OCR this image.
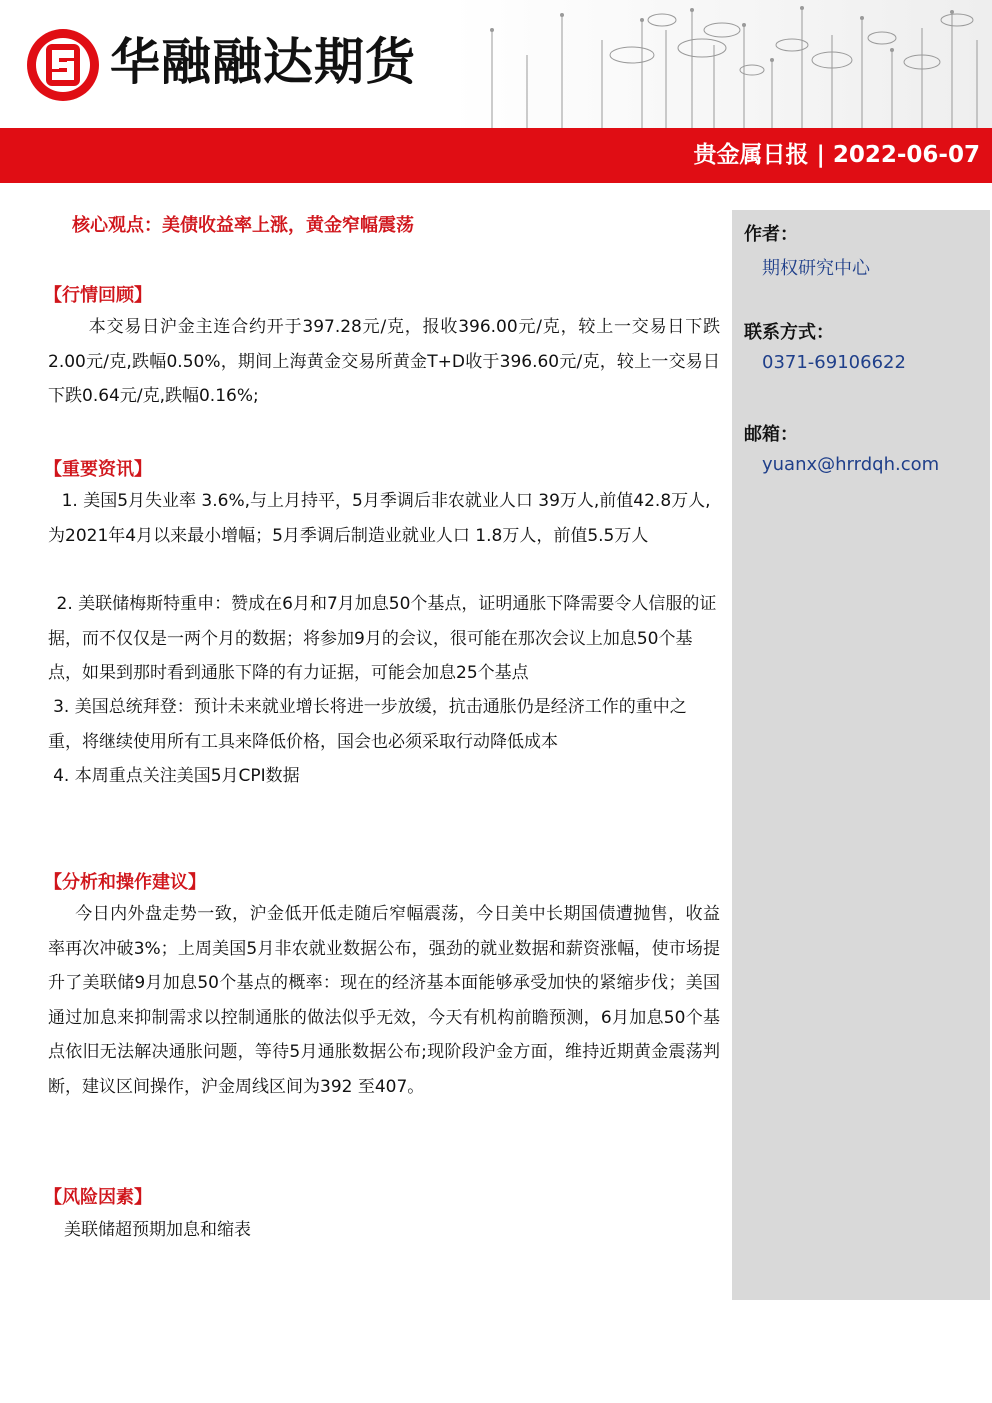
华融融达期货
贵金属日报 | 2022-06-07
作者：
期权研究中心
联系方式：
0371-69106622
邮箱：
yuanx@hrrdqh.com
核心观点：美债收益率上涨，黄金窄幅震荡
【行情回顾】
本交易日沪金主连合约开于397.28元/克，报收396.00元/克，较上一交易日下跌2.00元/克,跌幅0.50%，期间上海黄金交易所黄金T+D收于396.60元/克，较上一交易日下跌0.64元/克,跌幅0.16%;
【重要资讯】
1. 美国5月失业率 3.6%,与上月持平，5月季调后非农就业人口 39万人,前值42.8万人,为2021年4月以来最小增幅；5月季调后制造业就业人口 1.8万人，前值5.5万人
2. 美联储梅斯特重申：赞成在6月和7月加息50个基点，证明通胀下降需要令人信服的证据，而不仅仅是一两个月的数据；将参加9月的会议，很可能在那次会议上加息50个基点，如果到那时看到通胀下降的有力证据，可能会加息25个基点
3. 美国总统拜登：预计未来就业增长将进一步放缓，抗击通胀仍是经济工作的重中之重，将继续使用所有工具来降低价格，国会也必须采取行动降低成本
4. 本周重点关注美国5月CPI数据
【分析和操作建议】
今日内外盘走势一致，沪金低开低走随后窄幅震荡，今日美中长期国债遭抛售，收益率再次冲破3%；上周美国5月非农就业数据公布，强劲的就业数据和薪资涨幅，使市场提升了美联储9月加息50个基点的概率：现在的经济基本面能够承受加快的紧缩步伐；美国通过加息来抑制需求以控制通胀的做法似乎无效，今天有机构前瞻预测，6月加息50个基点依旧无法解决通胀问题，等待5月通胀数据公布;现阶段沪金方面，维持近期黄金震荡判断，建议区间操作，沪金周线区间为392 至407。
【风险因素】
美联储超预期加息和缩表
